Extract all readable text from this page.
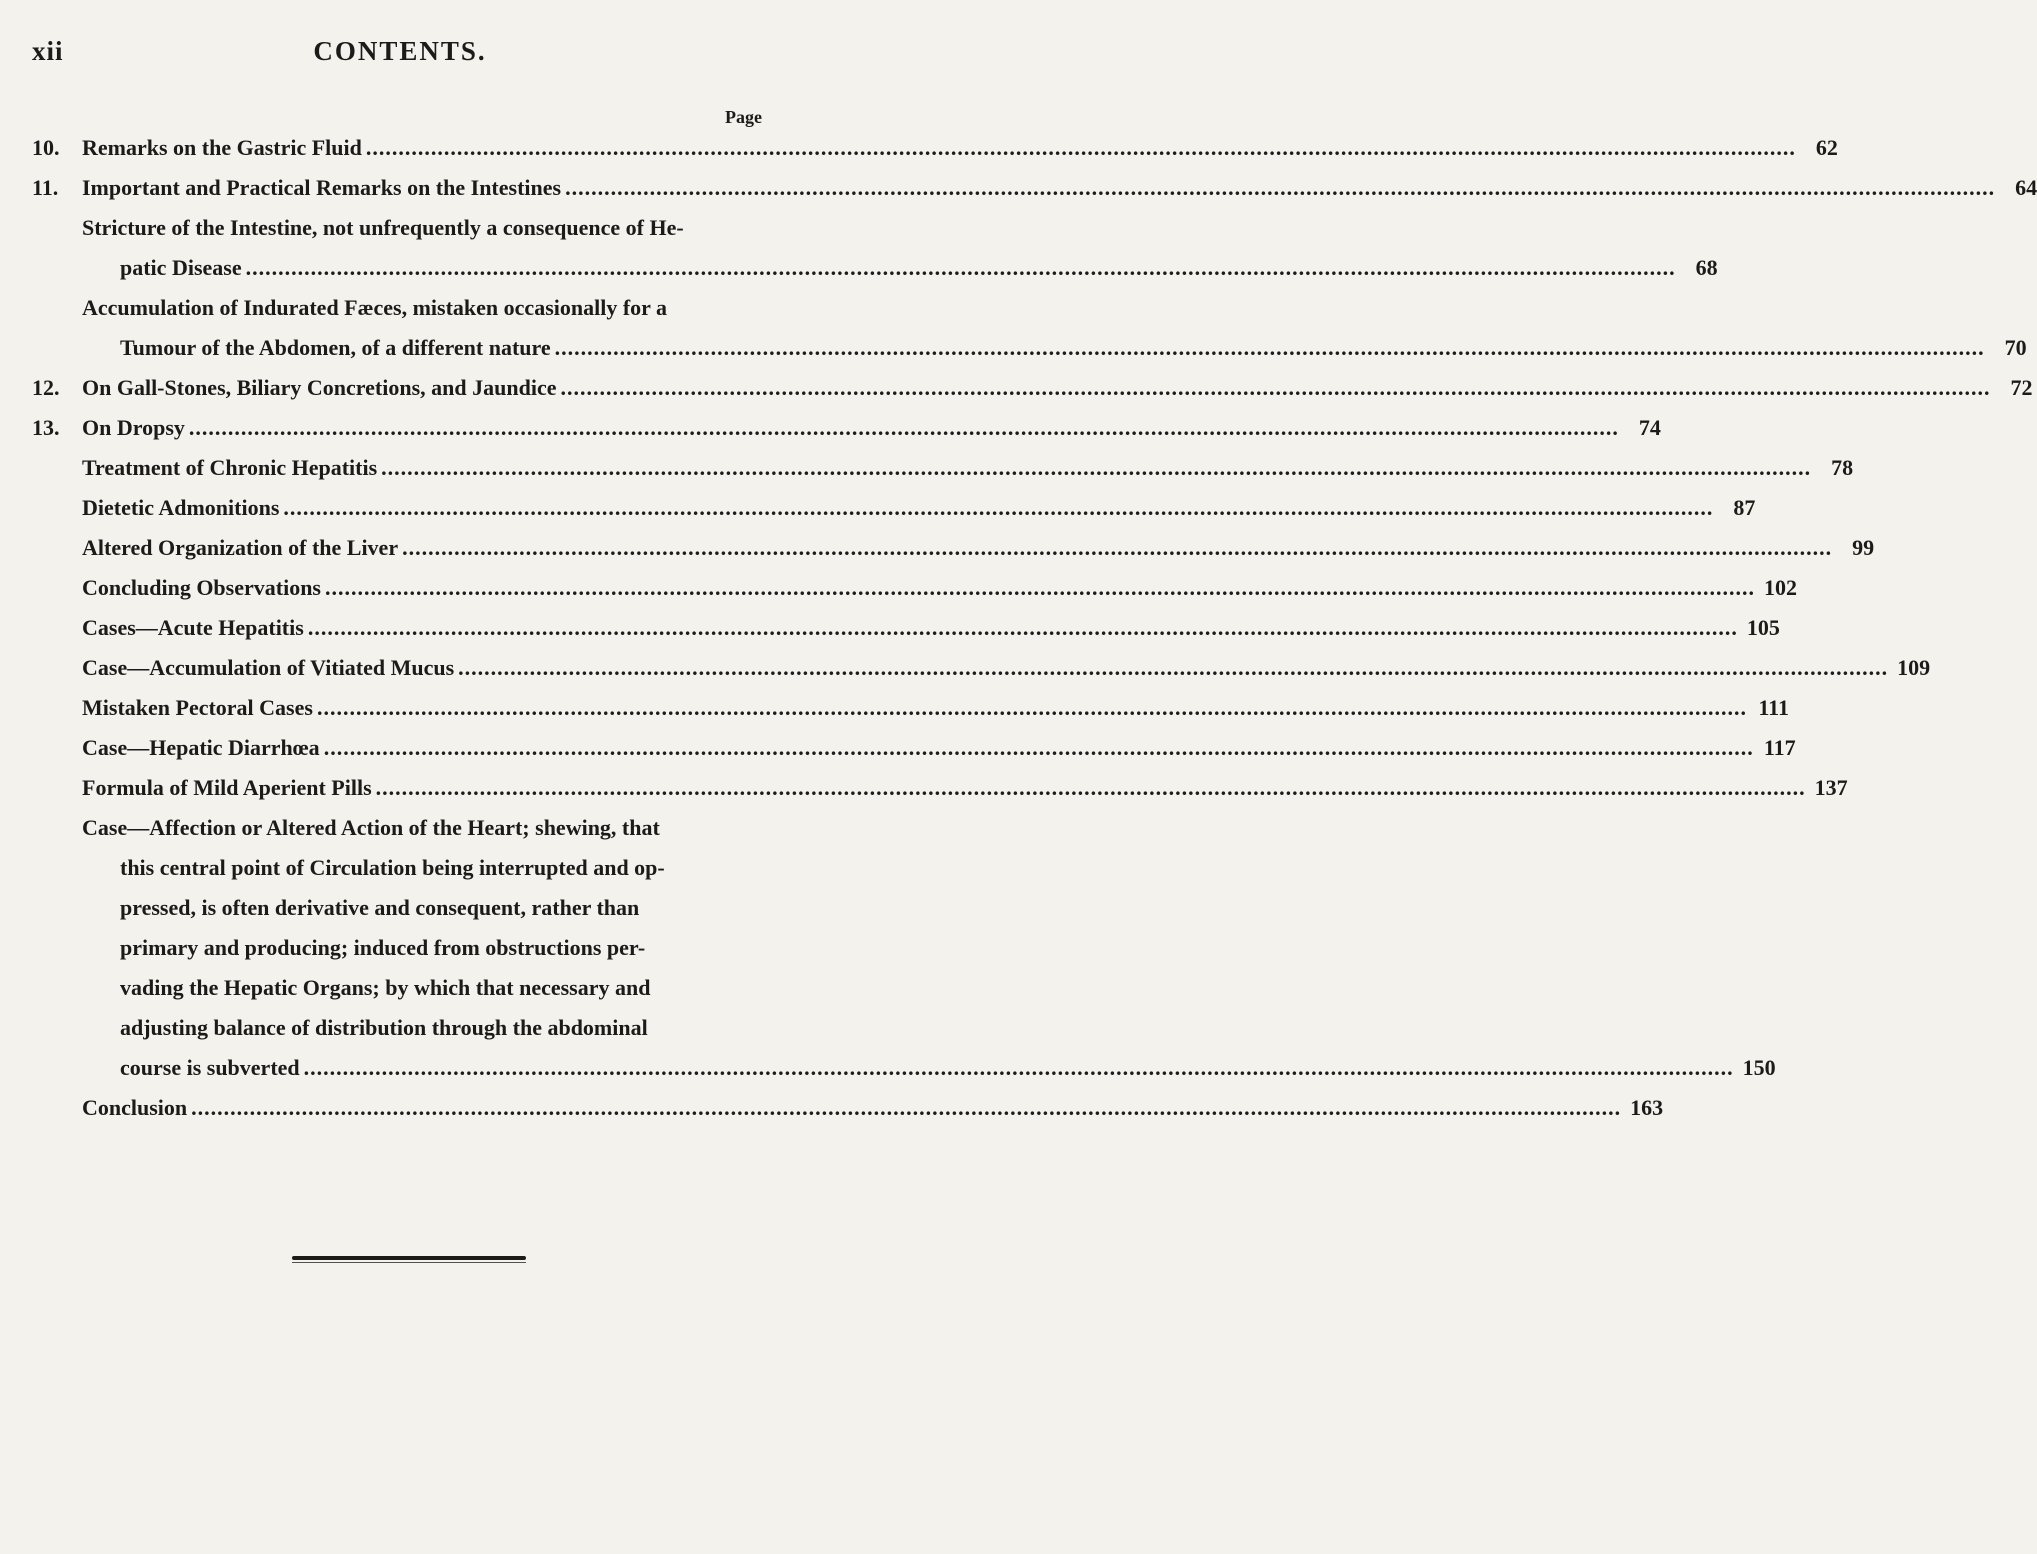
xii	CONTENTS.
Page
10.	Remarks on the Gastric Fluid ............................................................................................................................................................................................................................ 62
11.	Important and Practical Remarks on the Intestines ............................................................................................................................................................................................................................ 64
Stricture of the Intestine, not unfrequently a consequence of He-
patic Disease ............................................................................................................................................................................................................................ 68
Accumulation of Indurated Fæces, mistaken occasionally for a
Tumour of the Abdomen, of a different nature ............................................................................................................................................................................................................................ 70
12.	On Gall-Stones, Biliary Concretions, and Jaundice ............................................................................................................................................................................................................................ 72
13.	On Dropsy ............................................................................................................................................................................................................................ 74
Treatment of Chronic Hepatitis ............................................................................................................................................................................................................................ 78
Dietetic Admonitions ............................................................................................................................................................................................................................ 87
Altered Organization of the Liver ............................................................................................................................................................................................................................ 99
Concluding Observations ............................................................................................................................................................................................................................ 102
Cases—Acute Hepatitis ............................................................................................................................................................................................................................ 105
Case—Accumulation of Vitiated Mucus ............................................................................................................................................................................................................................ 109
Mistaken Pectoral Cases ............................................................................................................................................................................................................................ 111
Case—Hepatic Diarrhœa ............................................................................................................................................................................................................................ 117
Formula of Mild Aperient Pills ............................................................................................................................................................................................................................ 137
Case—Affection or Altered Action of the Heart; shewing, that
this central point of Circulation being interrupted and op-
pressed, is often derivative and consequent, rather than
primary and producing; induced from obstructions per-
vading the Hepatic Organs; by which that necessary and
adjusting balance of distribution through the abdominal
course is subverted ............................................................................................................................................................................................................................ 150
Conclusion ............................................................................................................................................................................................................................ 163
